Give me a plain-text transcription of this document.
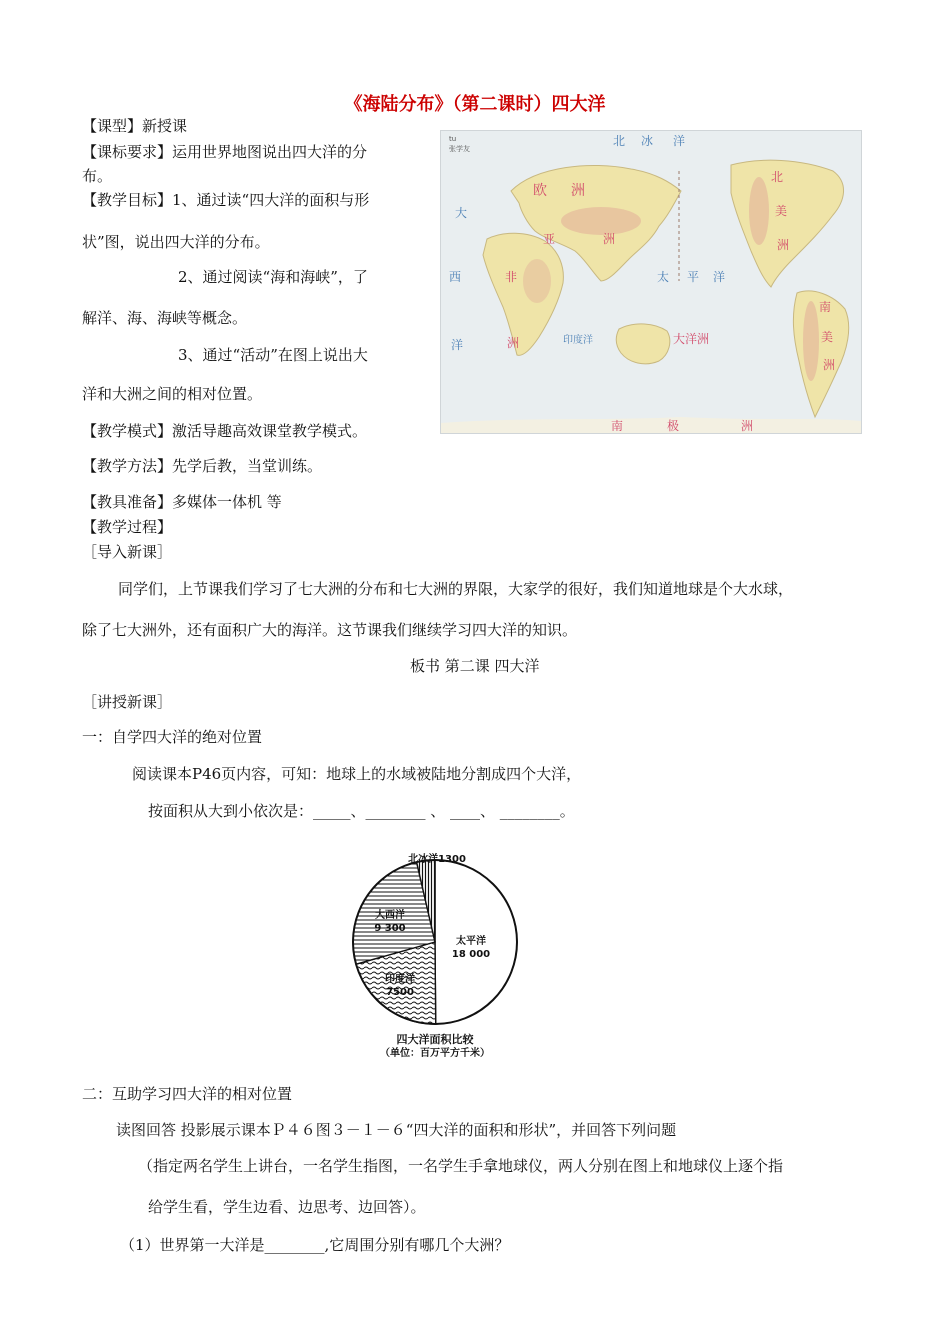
《海陆分布》（第二课时）四大洋
【课型】新授课
【课标要求】运用世界地图说出四大洋的分
布。
【教学目标】1、通过读“四大洋的面积与形
状”图，说出四大洋的分布。
2、通过阅读“海和海峡”，了
解洋、海、海峡等概念。
3、通过“活动”在图上说出大
洋和大洲之间的相对位置。
【教学模式】激活导趣高效课堂教学模式。
【教学方法】先学后教，当堂训练。
【教具准备】多媒体一体机 等
【教学过程】
［导入新课］
同学们，上节课我们学习了七大洲的分布和七大洲的界限，大家学的很好，我们知道地球是个大水球，
除了七大洲外，还有面积广大的海洋。这节课我们继续学习四大洋的知识。
板书 第二课 四大洋
［讲授新课］
一：自学四大洋的绝对位置
阅读课本P46页内容，可知：地球上的水域被陆地分割成四个大洋，
按面积从大到小依次是：_____、________ 、 ____、 ________。
二：互助学习四大洋的相对位置
读图回答 投影展示课本Ｐ４６图３－１－６“四大洋的面积和形状”，并回答下列问题
（指定两名学生上讲台，一名学生指图，一名学生手拿地球仪，两人分别在图上和地球仪上逐个指
给学生看，学生边看、边思考、边回答）。
（1）世界第一大洋是________,它周围分别有哪几个大洲？
tu
张学友
北 冰 洋
欧 洲
亚	洲
北
美
洲
大
西
洋
非
洲
太 平 洋
印度洋	大洋洲
南
美
洲
南	极	洲
北冰洋1300
大西洋
9 300
太平洋
18 000
印度洋
7500
四大洋面积比较
（单位：百万平方千米）
